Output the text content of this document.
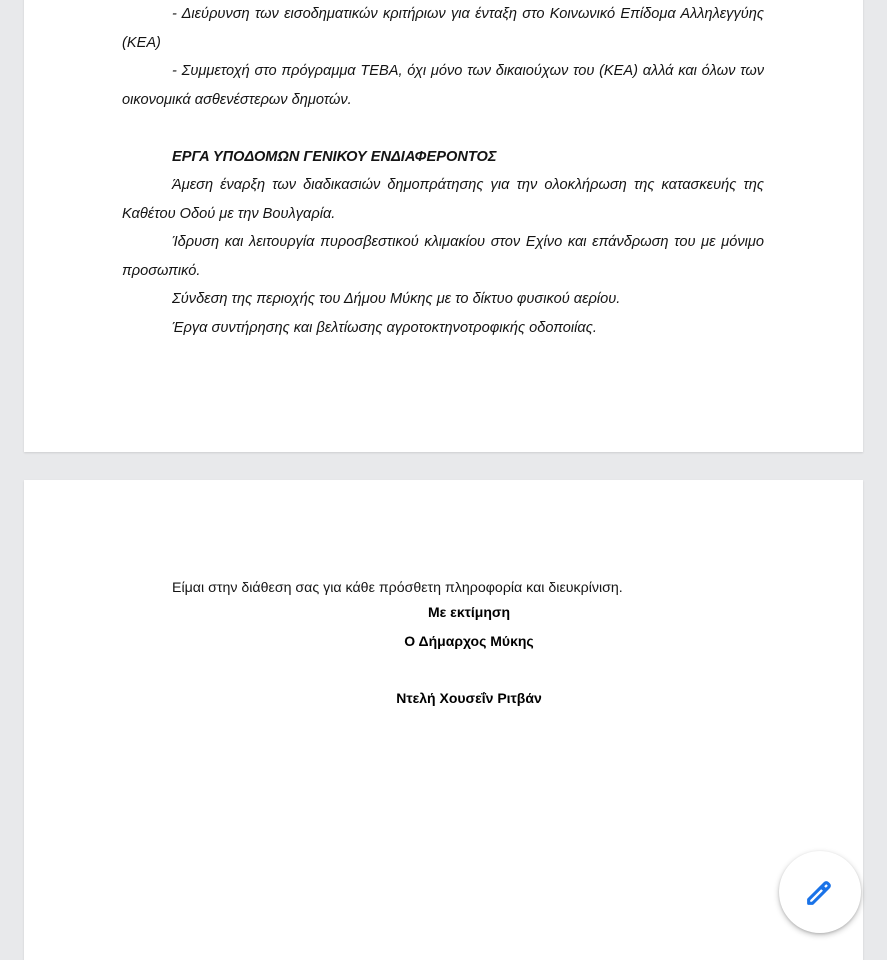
- Διεύρυνση των εισοδηματικών κριτήριων για ένταξη στο Κοινωνικό Επίδομα Αλληλεγγύης (ΚΕΑ)

- Συμμετοχή στο πρόγραμμα ΤΕΒΑ, όχι μόνο των δικαιούχων του (ΚΕΑ) αλλά και όλων των οικονομικά ασθενέστερων δημοτών.

ΕΡΓΑ ΥΠΟΔΟΜΩΝ ΓΕΝΙΚΟΥ ΕΝΔΙΑΦΕΡΟΝΤΟΣ

Άμεση έναρξη των διαδικασιών δημοπράτησης για την ολοκλήρωση της κατασκευής της Καθέτου Οδού με την Βουλγαρία.

Ίδρυση και λειτουργία πυροσβεστικού κλιμακίου στον Εχίνο και επάνδρωση του με μόνιμο προσωπικό.

Σύνδεση της περιοχής του Δήμου Μύκης με το δίκτυο φυσικού αερίου.

Έργα συντήρησης και βελτίωσης αγροτοκτηνοτροφικής οδοποιίας.

Είμαι στην διάθεση σας για κάθε πρόσθετη πληροφορία και διευκρίνιση.

Με εκτίμηση

Ο Δήμαρχος Μύκης

Ντελή Χουσεΐν Ριτβάν
